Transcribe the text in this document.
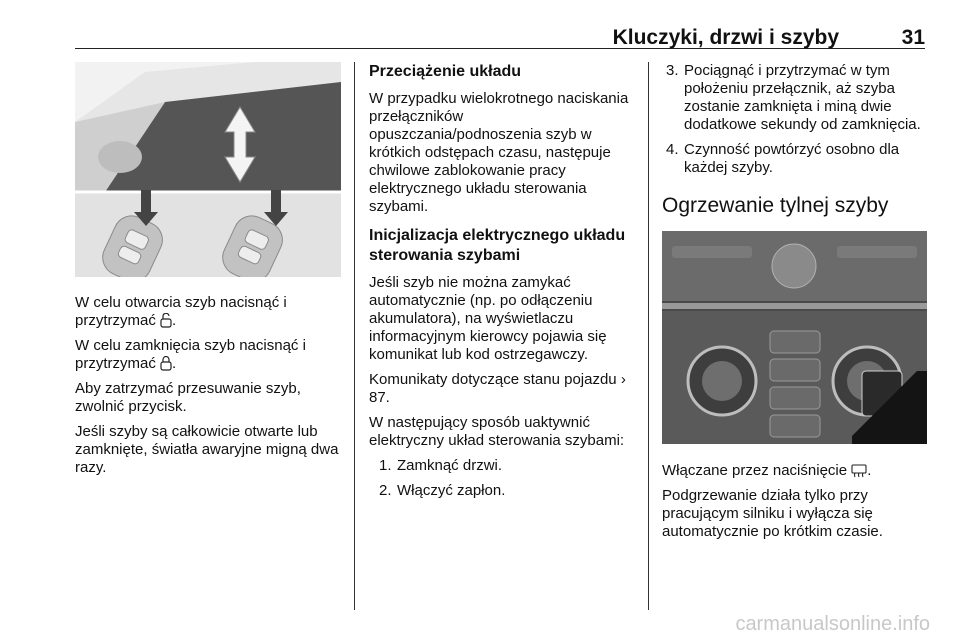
Kluczyki, drzwi i szyby	31

W celu otwarcia szyb nacisnąć i przytrzymać .

W celu zamknięcia szyb nacisnąć i przytrzymać .

Aby zatrzymać przesuwanie szyb, zwolnić przycisk.

Jeśli szyby są całkowicie otwarte lub zamknięte, światła awaryjne migną dwa razy.

Przeciążenie układu

W przypadku wielokrotnego naciskania przełączników opuszczania/podnoszenia szyb w krótkich odstępach czasu, następuje chwilowe zablokowanie pracy elektrycznego układu sterowania szybami.

Inicjalizacja elektrycznego układu sterowania szybami

Jeśli szyb nie można zamykać automatycznie (np. po odłączeniu akumulatora), na wyświetlaczu informacyjnym kierowcy pojawia się komunikat lub kod ostrzegawczy.

Komunikaty dotyczące stanu pojazdu › 87.

W następujący sposób uaktywnić elektryczny układ sterowania szybami:

1. Zamknąć drzwi.
2. Włączyć zapłon.
3. Pociągnąć i przytrzymać w tym położeniu przełącznik, aż szyba zostanie zamknięta i miną dwie dodatkowe sekundy od zamknięcia.
4. Czynność powtórzyć osobno dla każdej szyby.
Ogrzewanie tylnej szyby

Włączane przez naciśnięcie .

Podgrzewanie działa tylko przy pracującym silniku i wyłącza się automatycznie po krótkim czasie.

carmanualsonline.info
